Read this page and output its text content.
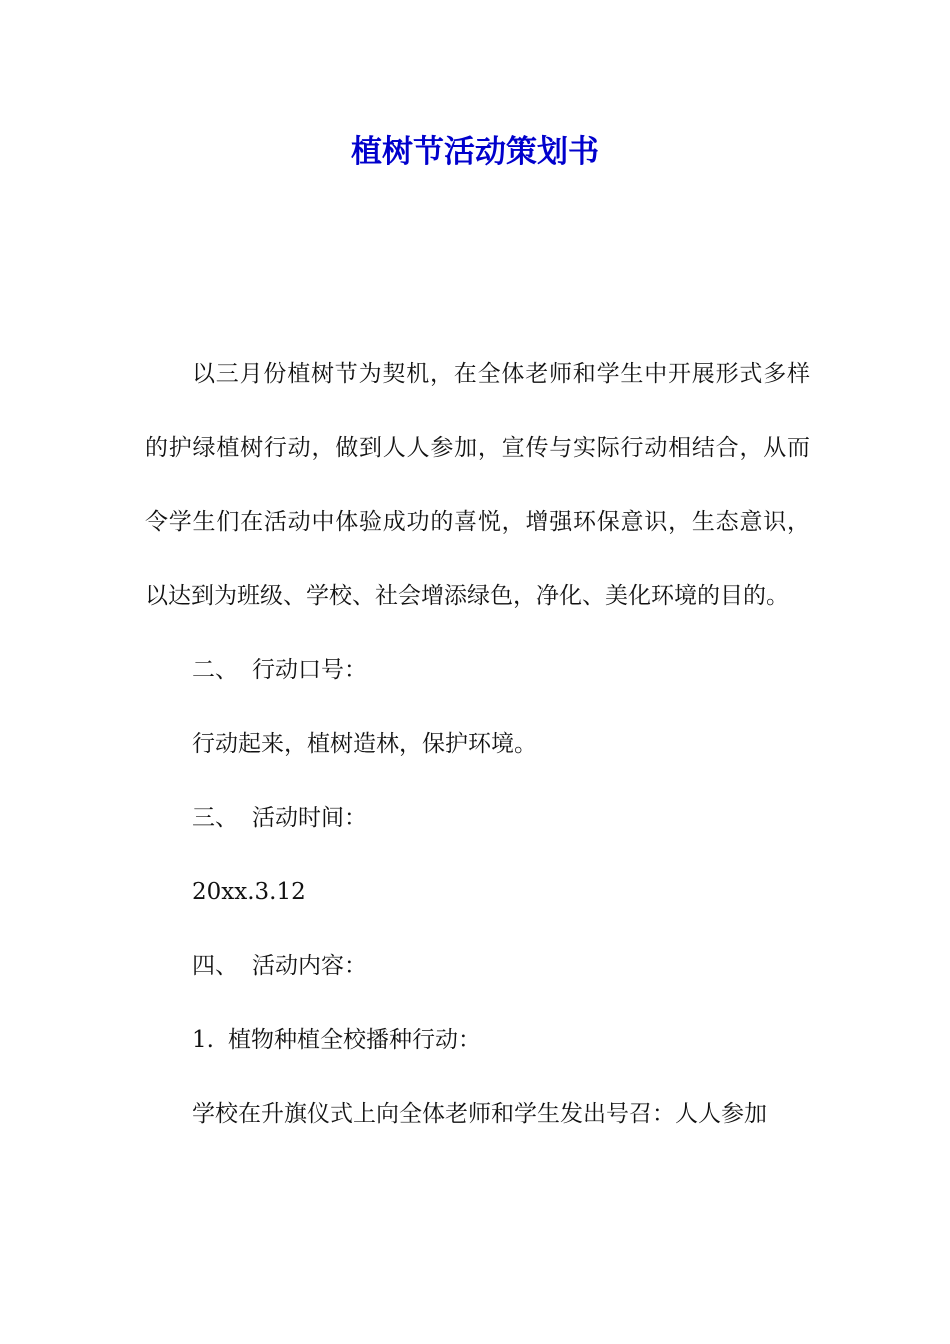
植树节活动策划书

以三月份植树节为契机，在全体老师和学生中开展形式多样的护绿植树行动，做到人人参加，宣传与实际行动相结合，从而令学生们在活动中体验成功的喜悦，增强环保意识，生态意识，以达到为班级、学校、社会增添绿色，净化、美化环境的目的。

二、 行动口号：

行动起来，植树造林，保护环境。

三、 活动时间：

20xx.3.12

四、 活动内容：

1. 植物种植全校播种行动：

学校在升旗仪式上向全体老师和学生发出号召：人人参加
